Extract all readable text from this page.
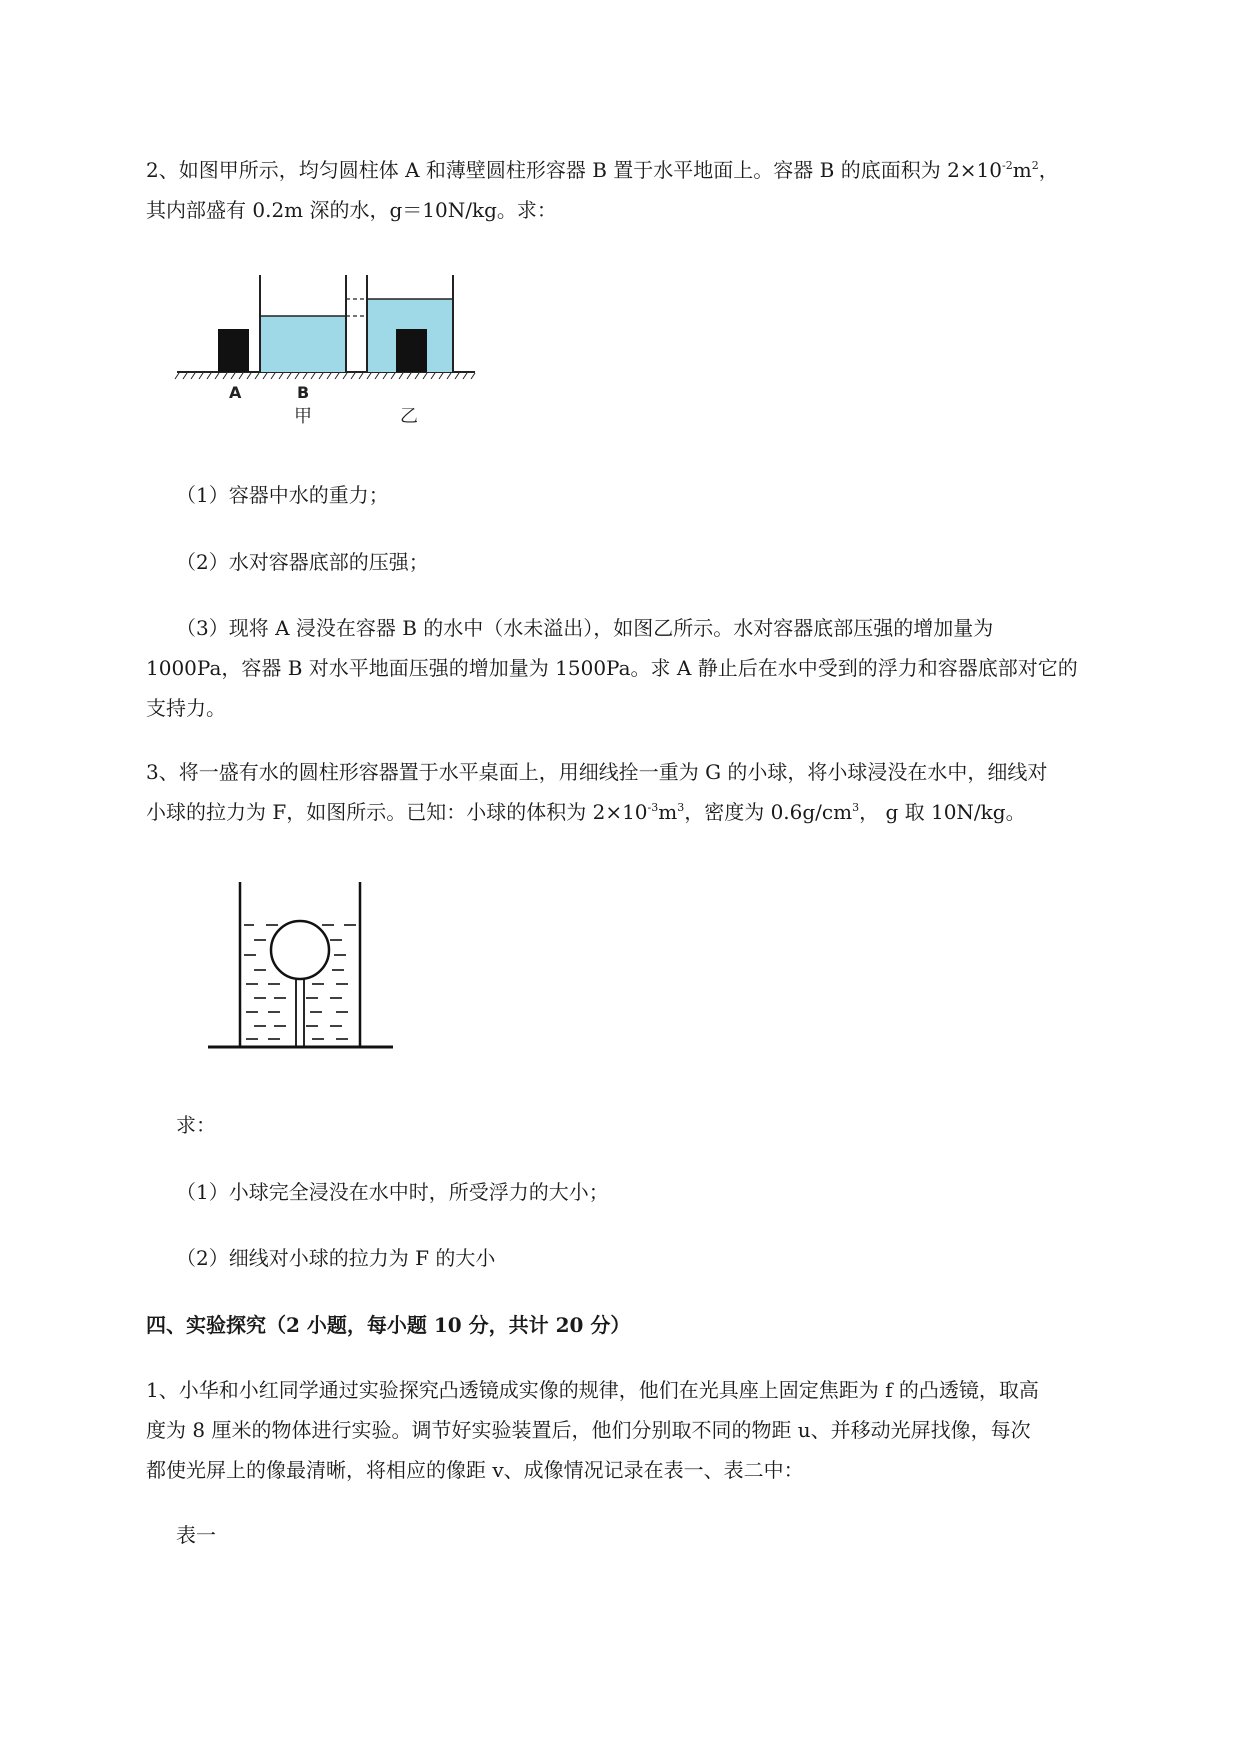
2、如图甲所示，均匀圆柱体 A 和薄壁圆柱形容器 B 置于水平地面上。容器 B 的底面积为 $2\times 10^{-2}m^2$，

其内部盛有 0.2m 深的水，g＝10N/kg。求：

A	B
甲	乙

（1）容器中水的重力；

（2）水对容器底部的压强；

（3）现将 A 浸没在容器 B 的水中（水未溢出），如图乙所示。水对容器底部压强的增加量为

1000Pa，容器 B 对水平地面压强的增加量为 1500Pa。求 A 静止后在水中受到的浮力和容器底部对它的

支持力。

3、将一盛有水的圆柱形容器置于水平桌面上，用细线拴一重为 G 的小球，将小球浸没在水中，细线对

小球的拉力为 F，如图所示。已知：小球的体积为 $2\times 10^{-3}m^3$，密度为 $0.6g/cm^3$， g 取 10N/kg。

求：

（1）小球完全浸没在水中时，所受浮力的大小；

（2）细线对小球的拉力为 F 的大小

四、实验探究（2 小题，每小题 10 分，共计 20 分）

1、小华和小红同学通过实验探究凸透镜成实像的规律，他们在光具座上固定焦距为 f 的凸透镜，取高

度为 8 厘米的物体进行实验。调节好实验装置后，他们分别取不同的物距 u、并移动光屏找像，每次

都使光屏上的像最清晰，将相应的像距 v、成像情况记录在表一、表二中：

表一
